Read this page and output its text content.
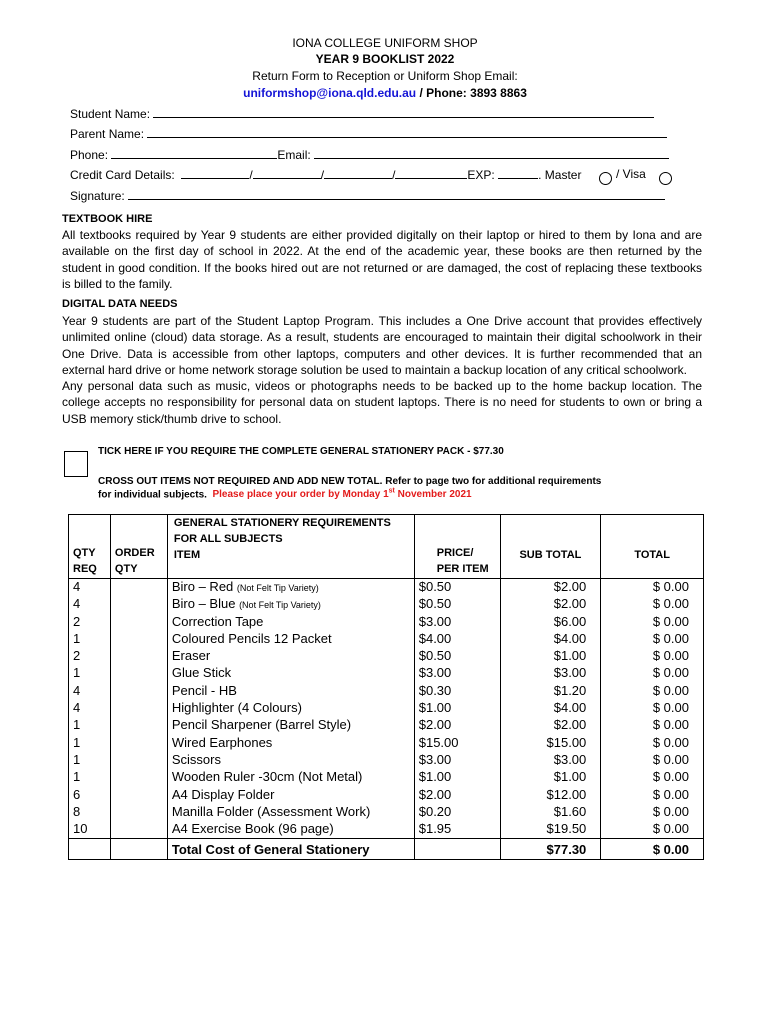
IONA COLLEGE UNIFORM SHOP
YEAR 9 BOOKLIST 2022
Return Form to Reception or Uniform Shop Email:
uniformshop@iona.qld.edu.au / Phone: 3893 8863
Student Name:
Parent Name:
Phone:	Email:
Credit Card Details:	/	/	/	EXP:	. Master	/ Visa
Signature:
TEXTBOOK HIRE

All textbooks required by Year 9 students are either provided digitally on their laptop or hired to them by Iona and are available on the first day of school in 2022. At the end of the academic year, these books are then returned by the student in good condition. If the books hired out are not returned or are damaged, the cost of replacing these textbooks is billed to the family.

DIGITAL DATA NEEDS

Year 9 students are part of the Student Laptop Program. This includes a One Drive account that provides effectively unlimited online (cloud) data storage. As a result, students are encouraged to maintain their digital schoolwork in their One Drive. Data is accessible from other laptops, computers and other devices. It is further recommended that an external hard drive or home network storage solution be used to maintain a backup location of any critical schoolwork.

Any personal data such as music, videos or photographs needs to be backed up to the home backup location. The college accepts no responsibility for personal data on student laptops. There is no need for students to own or bring a USB memory stick/thumb drive to school.

TICK HERE IF YOU REQUIRE THE COMPLETE GENERAL STATIONERY PACK - $77.30
CROSS OUT ITEMS NOT REQUIRED AND ADD NEW TOTAL. Refer to page two for additional requirements
for individual subjects. Please place your order by Monday 1st November 2021
QTY REQ	ORDER QTY	GENERAL STATIONERY REQUIREMENTS FOR ALL SUBJECTS
ITEM	PRICE/ PER ITEM	SUB TOTAL	TOTAL
4		Biro – Red (Not Felt Tip Variety)	$0.50	$2.00	$ 0.00
4		Biro – Blue (Not Felt Tip Variety)	$0.50	$2.00	$ 0.00
2		Correction Tape	$3.00	$6.00	$ 0.00
1		Coloured Pencils 12 Packet	$4.00	$4.00	$ 0.00
2		Eraser	$0.50	$1.00	$ 0.00
1		Glue Stick	$3.00	$3.00	$ 0.00
4		Pencil - HB	$0.30	$1.20	$ 0.00
4		Highlighter (4 Colours)	$1.00	$4.00	$ 0.00
1		Pencil Sharpener (Barrel Style)	$2.00	$2.00	$ 0.00
1		Wired Earphones	$15.00	$15.00	$ 0.00
1		Scissors	$3.00	$3.00	$ 0.00
1		Wooden Ruler -30cm (Not Metal)	$1.00	$1.00	$ 0.00
6		A4 Display Folder	$2.00	$12.00	$ 0.00
8		Manilla Folder (Assessment Work)	$0.20	$1.60	$ 0.00
10		A4 Exercise Book (96 page)	$1.95	$19.50	$ 0.00
		Total Cost of General Stationery		$77.30	$ 0.00
